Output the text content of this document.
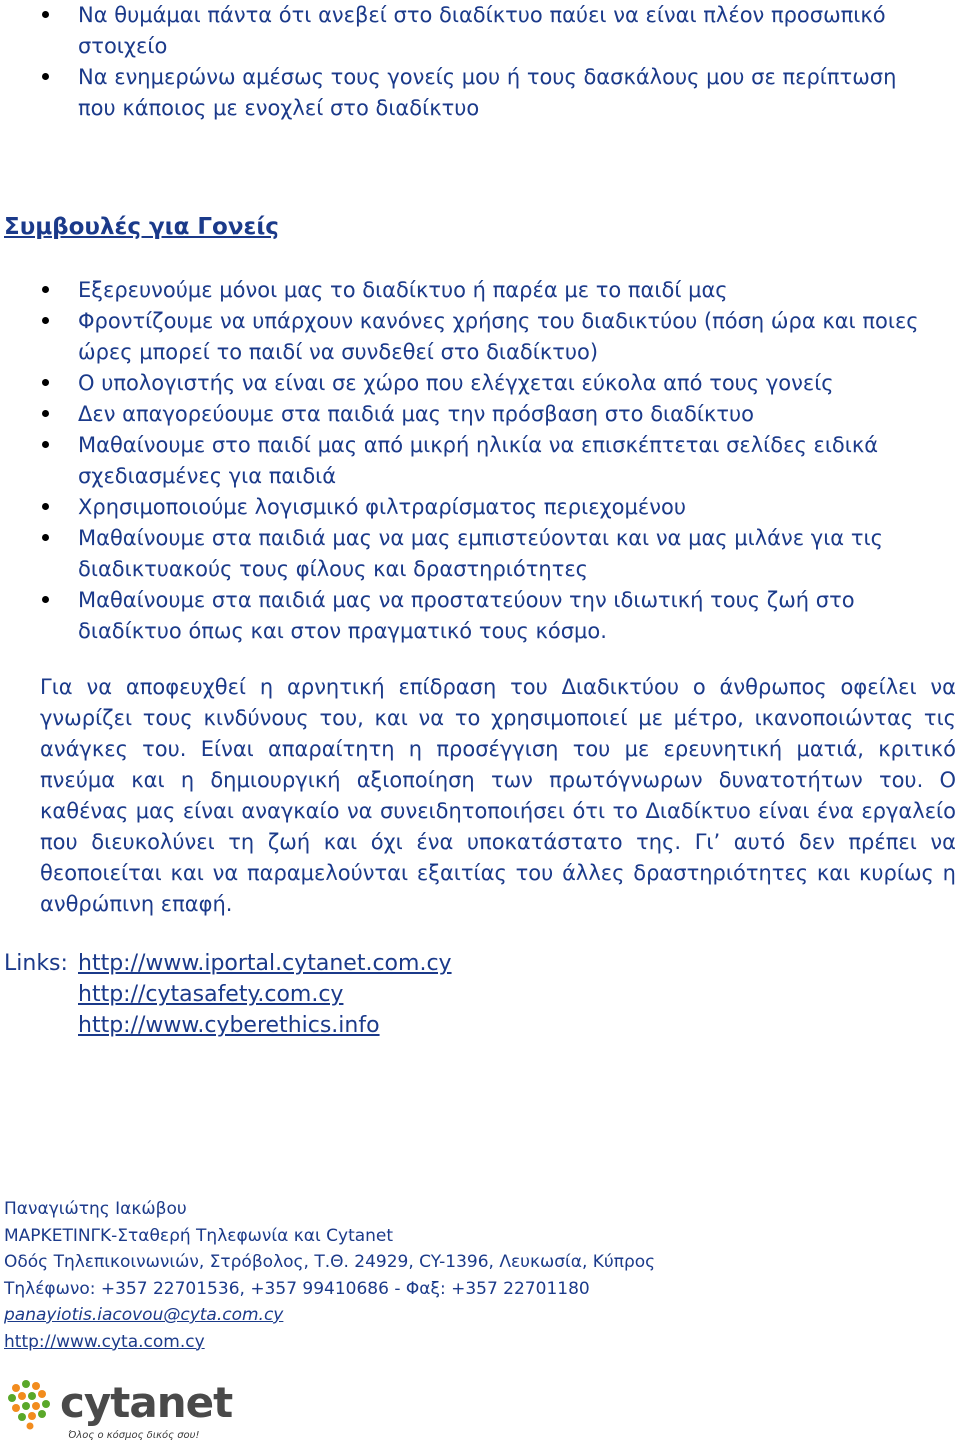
Να θυμάμαι πάντα ότι ανεβεί στο διαδίκτυο παύει να είναι πλέον προσωπικό στοιχείο
Να ενημερώνω αμέσως τους γονείς μου ή τους δασκάλους μου σε περίπτωση που κάποιος με ενοχλεί στο διαδίκτυο
Συμβουλές για Γονείς
Εξερευνούμε μόνοι μας το διαδίκτυο ή παρέα με το παιδί μας
Φροντίζουμε να υπάρχουν κανόνες χρήσης του διαδικτύου (πόση ώρα και ποιες ώρες μπορεί το παιδί να συνδεθεί στο διαδίκτυο)
Ο υπολογιστής να είναι σε χώρο που ελέγχεται εύκολα από τους γονείς
Δεν απαγορεύουμε στα παιδιά μας την πρόσβαση στο διαδίκτυο
Μαθαίνουμε στο παιδί μας από μικρή ηλικία να επισκέπτεται σελίδες ειδικά σχεδιασμένες για παιδιά
Χρησιμοποιούμε λογισμικό φιλτραρίσματος περιεχομένου
Μαθαίνουμε στα παιδιά μας να μας εμπιστεύονται και να μας μιλάνε για τις διαδικτυακούς τους φίλους και δραστηριότητες
Μαθαίνουμε στα παιδιά μας να προστατεύουν την ιδιωτική τους ζωή στο διαδίκτυο όπως και στον πραγματικό τους κόσμο.

Για να αποφευχθεί η αρνητική επίδραση του Διαδικτύου ο άνθρωπος οφείλει να γνωρίζει τους κινδύνους του, και να το χρησιμοποιεί με μέτρο, ικανοποιώντας τις ανάγκες του. Είναι απαραίτητη η προσέγγιση του με ερευνητική ματιά, κριτικό πνεύμα και η δημιουργική αξιοποίηση των πρωτόγνωρων δυνατοτήτων του. Ο καθένας μας είναι αναγκαίο να συνειδητοποιήσει ότι το Διαδίκτυο είναι ένα εργαλείο που διευκολύνει τη ζωή και όχι ένα υποκατάστατο της. Γι’ αυτό δεν πρέπει να θεοποιείται και να παραμελούνται εξαιτίας του άλλες δραστηριότητες και κυρίως η ανθρώπινη επαφή.

Links: http://www.iportal.cytanet.com.cy
http://cytasafety.com.cy
http://www.cyberethics.info
Παναγιώτης Ιακώβου
ΜΑΡΚΕΤΙΝΓΚ-Σταθερή Τηλεφωνία και Cytanet
Οδός Τηλεπικοινωνιών, Στρόβολος, Τ.Θ. 24929, CY-1396, Λευκωσία, Κύπρος
Τηλέφωνο: +357 22701536, +357 99410686 - Φαξ: +357 22701180
panayiotis.iacovou@cyta.com.cy
http://www.cyta.com.cy
cytanet
Όλος ο κόσμος δικός σου!
